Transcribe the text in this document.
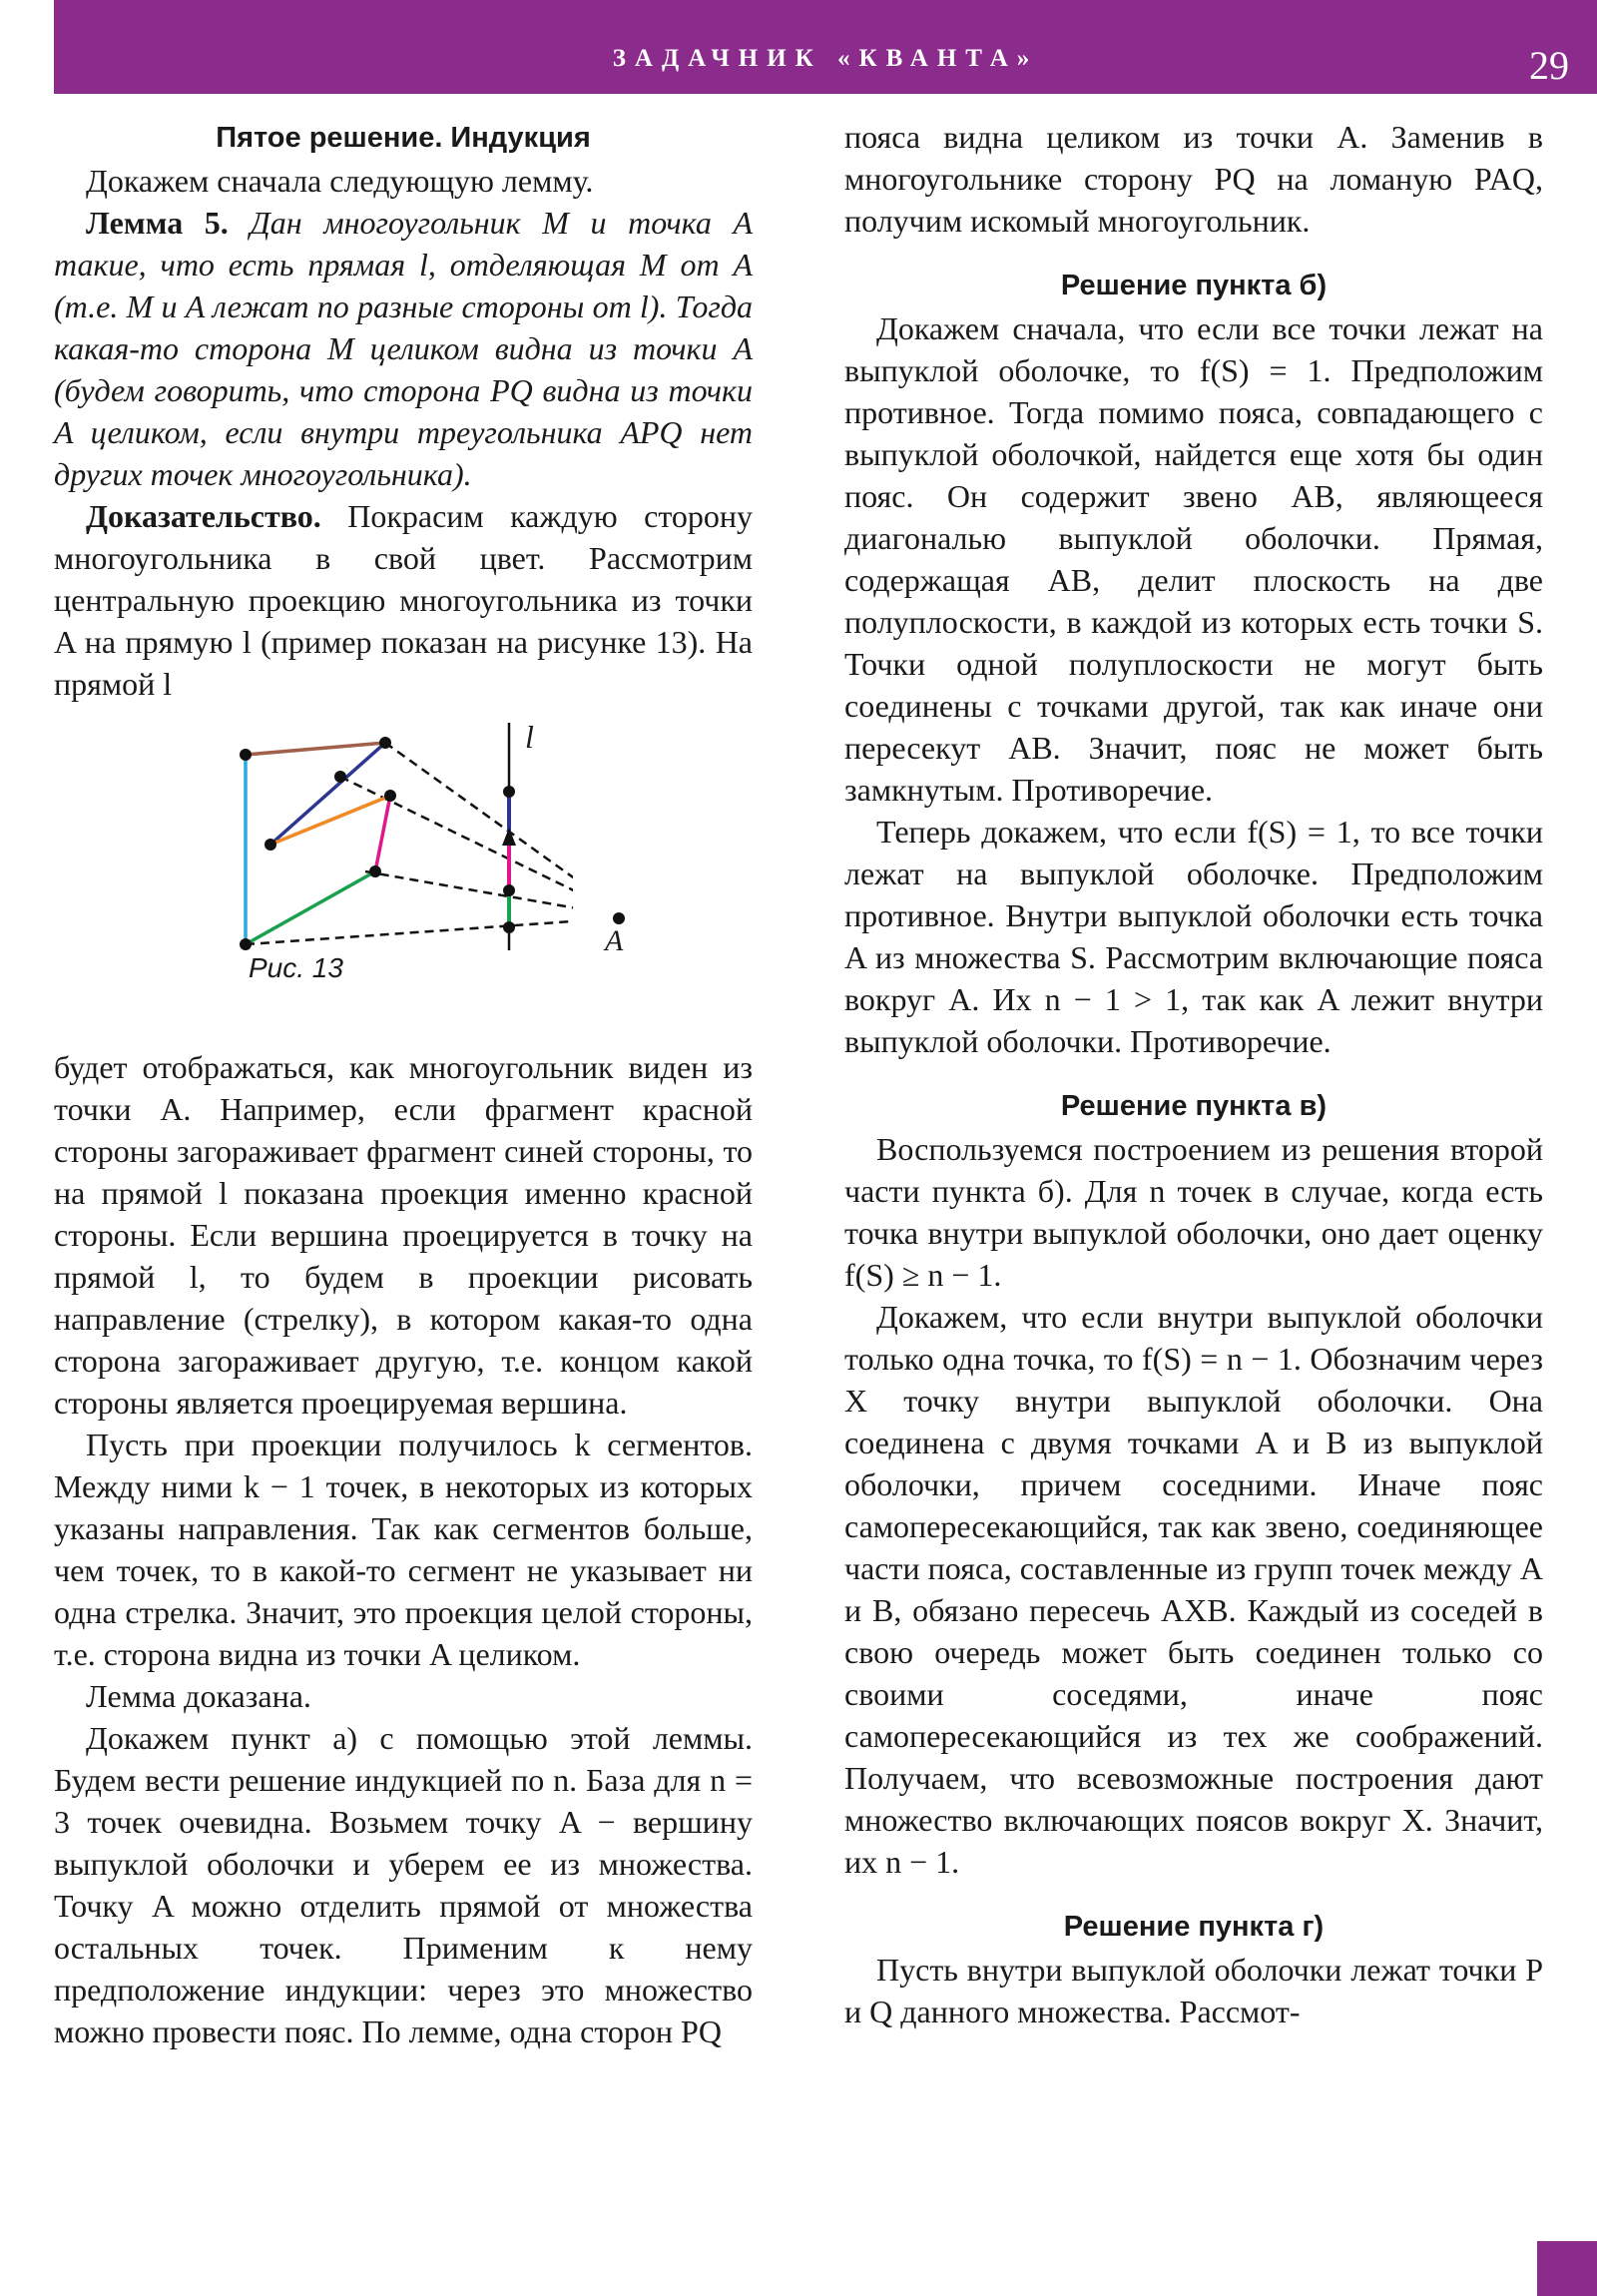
ЗАДАЧНИК «КВАНТА»	29
Пятое решение. Индукция

Докажем сначала следующую лемму.

Лемма 5. Дан многоугольник M и точка A такие, что есть прямая l, отделяющая M от A (т.е. M и A лежат по разные стороны от l). Тогда какая-то сторона M целиком видна из точки A (будем говорить, что сторона PQ видна из точки A целиком, если внутри треугольника APQ нет других точек многоугольника).

Доказательство. Покрасим каждую сторону многоугольника в свой цвет. Рассмотрим центральную проекцию многоугольника из точки A на прямую l (пример показан на рисунке 13). На прямой l

l
A
Рис. 13

будет отображаться, как многоугольник виден из точки A. Например, если фрагмент красной стороны загораживает фрагмент синей стороны, то на прямой l показана проекция именно красной стороны. Если вершина проецируется в точку на прямой l, то будем в проекции рисовать направление (стрелку), в котором какая-то одна сторона загораживает другую, т.е. концом какой стороны является проецируемая вершина.

Пусть при проекции получилось k сегментов. Между ними k − 1 точек, в некоторых из которых указаны направления. Так как сегментов больше, чем точек, то в какой-то сегмент не указывает ни одна стрелка. Значит, это проекция целой стороны, т.е. сторона видна из точки A целиком.

Лемма доказана.

Докажем пункт а) с помощью этой леммы. Будем вести решение индукцией по n. База для n = 3 точек очевидна. Возьмем точку A − вершину выпуклой оболочки и уберем ее из множества. Точку A можно отделить прямой от множества остальных точек. Применим к нему предположение индукции: через это множество можно провести пояс. По лемме, одна сторон PQ

пояса видна целиком из точки A. Заменив в многоугольнике сторону PQ на ломаную PAQ, получим искомый многоугольник.

Решение пункта б)

Докажем сначала, что если все точки лежат на выпуклой оболочке, то f(S) = 1. Предположим противное. Тогда помимо пояса, совпадающего с выпуклой оболочкой, найдется еще хотя бы один пояс. Он содержит звено AB, являющееся диагональю выпуклой оболочки. Прямая, содержащая AB, делит плоскость на две полуплоскости, в каждой из которых есть точки S. Точки одной полуплоскости не могут быть соединены с точками другой, так как иначе они пересекут AB. Значит, пояс не может быть замкнутым. Противоречие.

Теперь докажем, что если f(S) = 1, то все точки лежат на выпуклой оболочке. Предположим противное. Внутри выпуклой оболочки есть точка A из множества S. Рассмотрим включающие пояса вокруг A. Их n − 1 > 1, так как A лежит внутри выпуклой оболочки. Противоречие.

Решение пункта в)

Воспользуемся построением из решения второй части пункта б). Для n точек в случае, когда есть точка внутри выпуклой оболочки, оно дает оценку f(S) ≥ n − 1.

Докажем, что если внутри выпуклой оболочки только одна точка, то f(S) = n − 1. Обозначим через X точку внутри выпуклой оболочки. Она соединена с двумя точками A и B из выпуклой оболочки, причем соседними. Иначе пояс самопересекающийся, так как звено, соединяющее части пояса, составленные из групп точек между A и B, обязано пересечь AXB. Каждый из соседей в свою очередь может быть соединен только со своими соседями, иначе пояс самопересекающийся из тех же соображений. Получаем, что всевозможные построения дают множество включающих поясов вокруг X. Значит, их n − 1.

Решение пункта г)

Пусть внутри выпуклой оболочки лежат точки P и Q данного множества. Рассмот-
